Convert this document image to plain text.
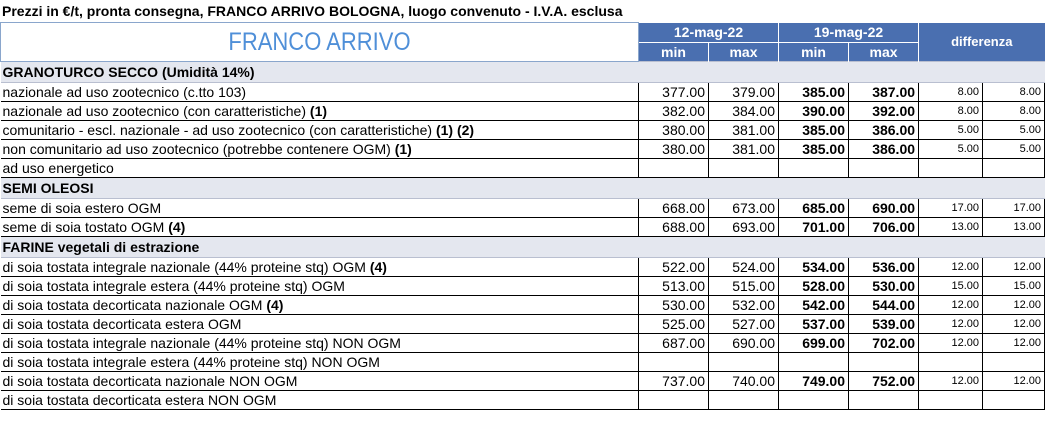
Prezzi in €/t, pronta consegna, FRANCO ARRIVO BOLOGNA, luogo convenuto - I.V.A. esclusa
FRANCO ARRIVO	12-mag-22		19-mag-22		differenza	
	min	max	min	max		
GRANOTURCO SECCO (Umidità 14%)						
nazionale ad uso zootecnico (c.tto 103)	377.00	379.00	385.00	387.00	8.00	8.00
nazionale ad uso zootecnico (con caratteristiche) (1)	382.00	384.00	390.00	392.00	8.00	8.00
comunitario - escl. nazionale - ad uso zootecnico (con caratteristiche) (1) (2)	380.00	381.00	385.00	386.00	5.00	5.00
non comunitario ad uso zootecnico (potrebbe contenere OGM) (1)	380.00	381.00	385.00	386.00	5.00	5.00
ad uso energetico						
SEMI OLEOSI						
seme di soia estero OGM	668.00	673.00	685.00	690.00	17.00	17.00
seme di soia tostato OGM (4)	688.00	693.00	701.00	706.00	13.00	13.00
FARINE vegetali di estrazione						
di soia tostata integrale nazionale (44% proteine stq) OGM (4)	522.00	524.00	534.00	536.00	12.00	12.00
di soia tostata integrale estera (44% proteine stq) OGM	513.00	515.00	528.00	530.00	15.00	15.00
di soia tostata decorticata nazionale OGM (4)	530.00	532.00	542.00	544.00	12.00	12.00
di soia tostata decorticata estera OGM	525.00	527.00	537.00	539.00	12.00	12.00
di soia tostata integrale nazionale (44% proteine stq) NON OGM	687.00	690.00	699.00	702.00	12.00	12.00
di soia tostata integrale estera (44% proteine stq) NON OGM						
di soia tostata decorticata nazionale NON OGM	737.00	740.00	749.00	752.00	12.00	12.00
di soia tostata decorticata estera NON OGM						
